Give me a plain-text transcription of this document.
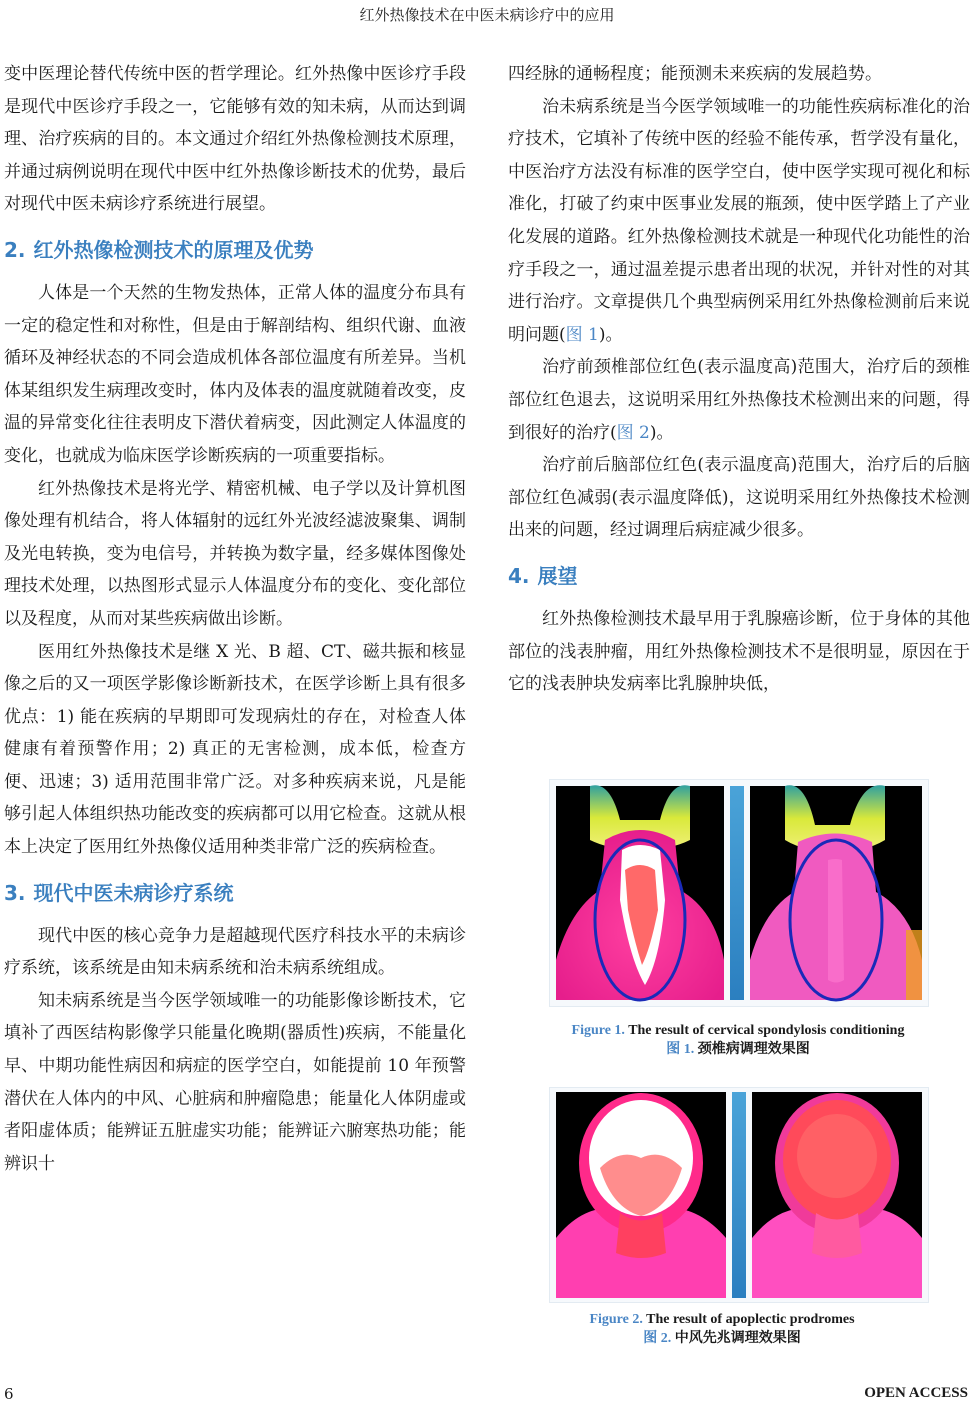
红外热像技术在中医未病诊疗中的应用

变中医理论替代传统中医的哲学理论。红外热像中医诊疗手段是现代中医诊疗手段之一，它能够有效的知未病，从而达到调理、治疗疾病的目的。本文通过介绍红外热像检测技术原理，并通过病例说明在现代中医中红外热像诊断技术的优势，最后对现代中医未病诊疗系统进行展望。

2. 红外热像检测技术的原理及优势

人体是一个天然的生物发热体，正常人体的温度分布具有一定的稳定性和对称性，但是由于解剖结构、组织代谢、血液循环及神经状态的不同会造成机体各部位温度有所差异。当机体某组织发生病理改变时，体内及体表的温度就随着改变，皮温的异常变化往往表明皮下潜伏着病变，因此测定人体温度的变化，也就成为临床医学诊断疾病的一项重要指标。

红外热像技术是将光学、精密机械、电子学以及计算机图像处理有机结合，将人体辐射的远红外光波经滤波聚集、调制及光电转换，变为电信号，并转换为数字量，经多媒体图像处理技术处理，以热图形式显示人体温度分布的变化、变化部位以及程度，从而对某些疾病做出诊断。

医用红外热像技术是继 X 光、B 超、CT、磁共振和核显像之后的又一项医学影像诊断新技术，在医学诊断上具有很多优点：1) 能在疾病的早期即可发现病灶的存在，对检查人体健康有着预警作用；2) 真正的无害检测，成本低，检查方便、迅速；3) 适用范围非常广泛。对多种疾病来说，凡是能够引起人体组织热功能改变的疾病都可以用它检查。这就从根本上决定了医用红外热像仪适用种类非常广泛的疾病检查。

3. 现代中医未病诊疗系统

现代中医的核心竞争力是超越现代医疗科技水平的未病诊疗系统，该系统是由知未病系统和治未病系统组成。

知未病系统是当今医学领域唯一的功能影像诊断技术，它填补了西医结构影像学只能量化晚期(器质性)疾病，不能量化早、中期功能性病因和病症的医学空白，如能提前 10 年预警潜伏在人体内的中风、心脏病和肿瘤隐患；能量化人体阴虚或者阳虚体质；能辨证五脏虚实功能；能辨证六腑寒热功能；能辨识十

四经脉的通畅程度；能预测未来疾病的发展趋势。

治未病系统是当今医学领域唯一的功能性疾病标准化的治疗技术，它填补了传统中医的经验不能传承，哲学没有量化，中医治疗方法没有标准的医学空白，使中医学实现可视化和标准化，打破了约束中医事业发展的瓶颈，使中医学踏上了产业化发展的道路。红外热像检测技术就是一种现代化功能性的治疗手段之一，通过温差提示患者出现的状况，并针对性的对其进行治疗。文章提供几个典型病例采用红外热像检测前后来说明问题(图 1)。

治疗前颈椎部位红色(表示温度高)范围大，治疗后的颈椎部位红色退去，这说明采用红外热像技术检测出来的问题，得到很好的治疗(图 2)。

治疗前后脑部位红色(表示温度高)范围大，治疗后的后脑部位红色减弱(表示温度降低)，这说明采用红外热像技术检测出来的问题，经过调理后病症减少很多。

4. 展望

红外热像检测技术最早用于乳腺癌诊断，位于身体的其他部位的浅表肿瘤，用红外热像检测技术不是很明显，原因在于它的浅表肿块发病率比乳腺肿块低，

Figure 1. The result of cervical spondylosis conditioning
图 1. 颈椎病调理效果图
Figure 2. The result of apoplectic prodromes
图 2. 中风先兆调理效果图
6	OPEN ACCESS
